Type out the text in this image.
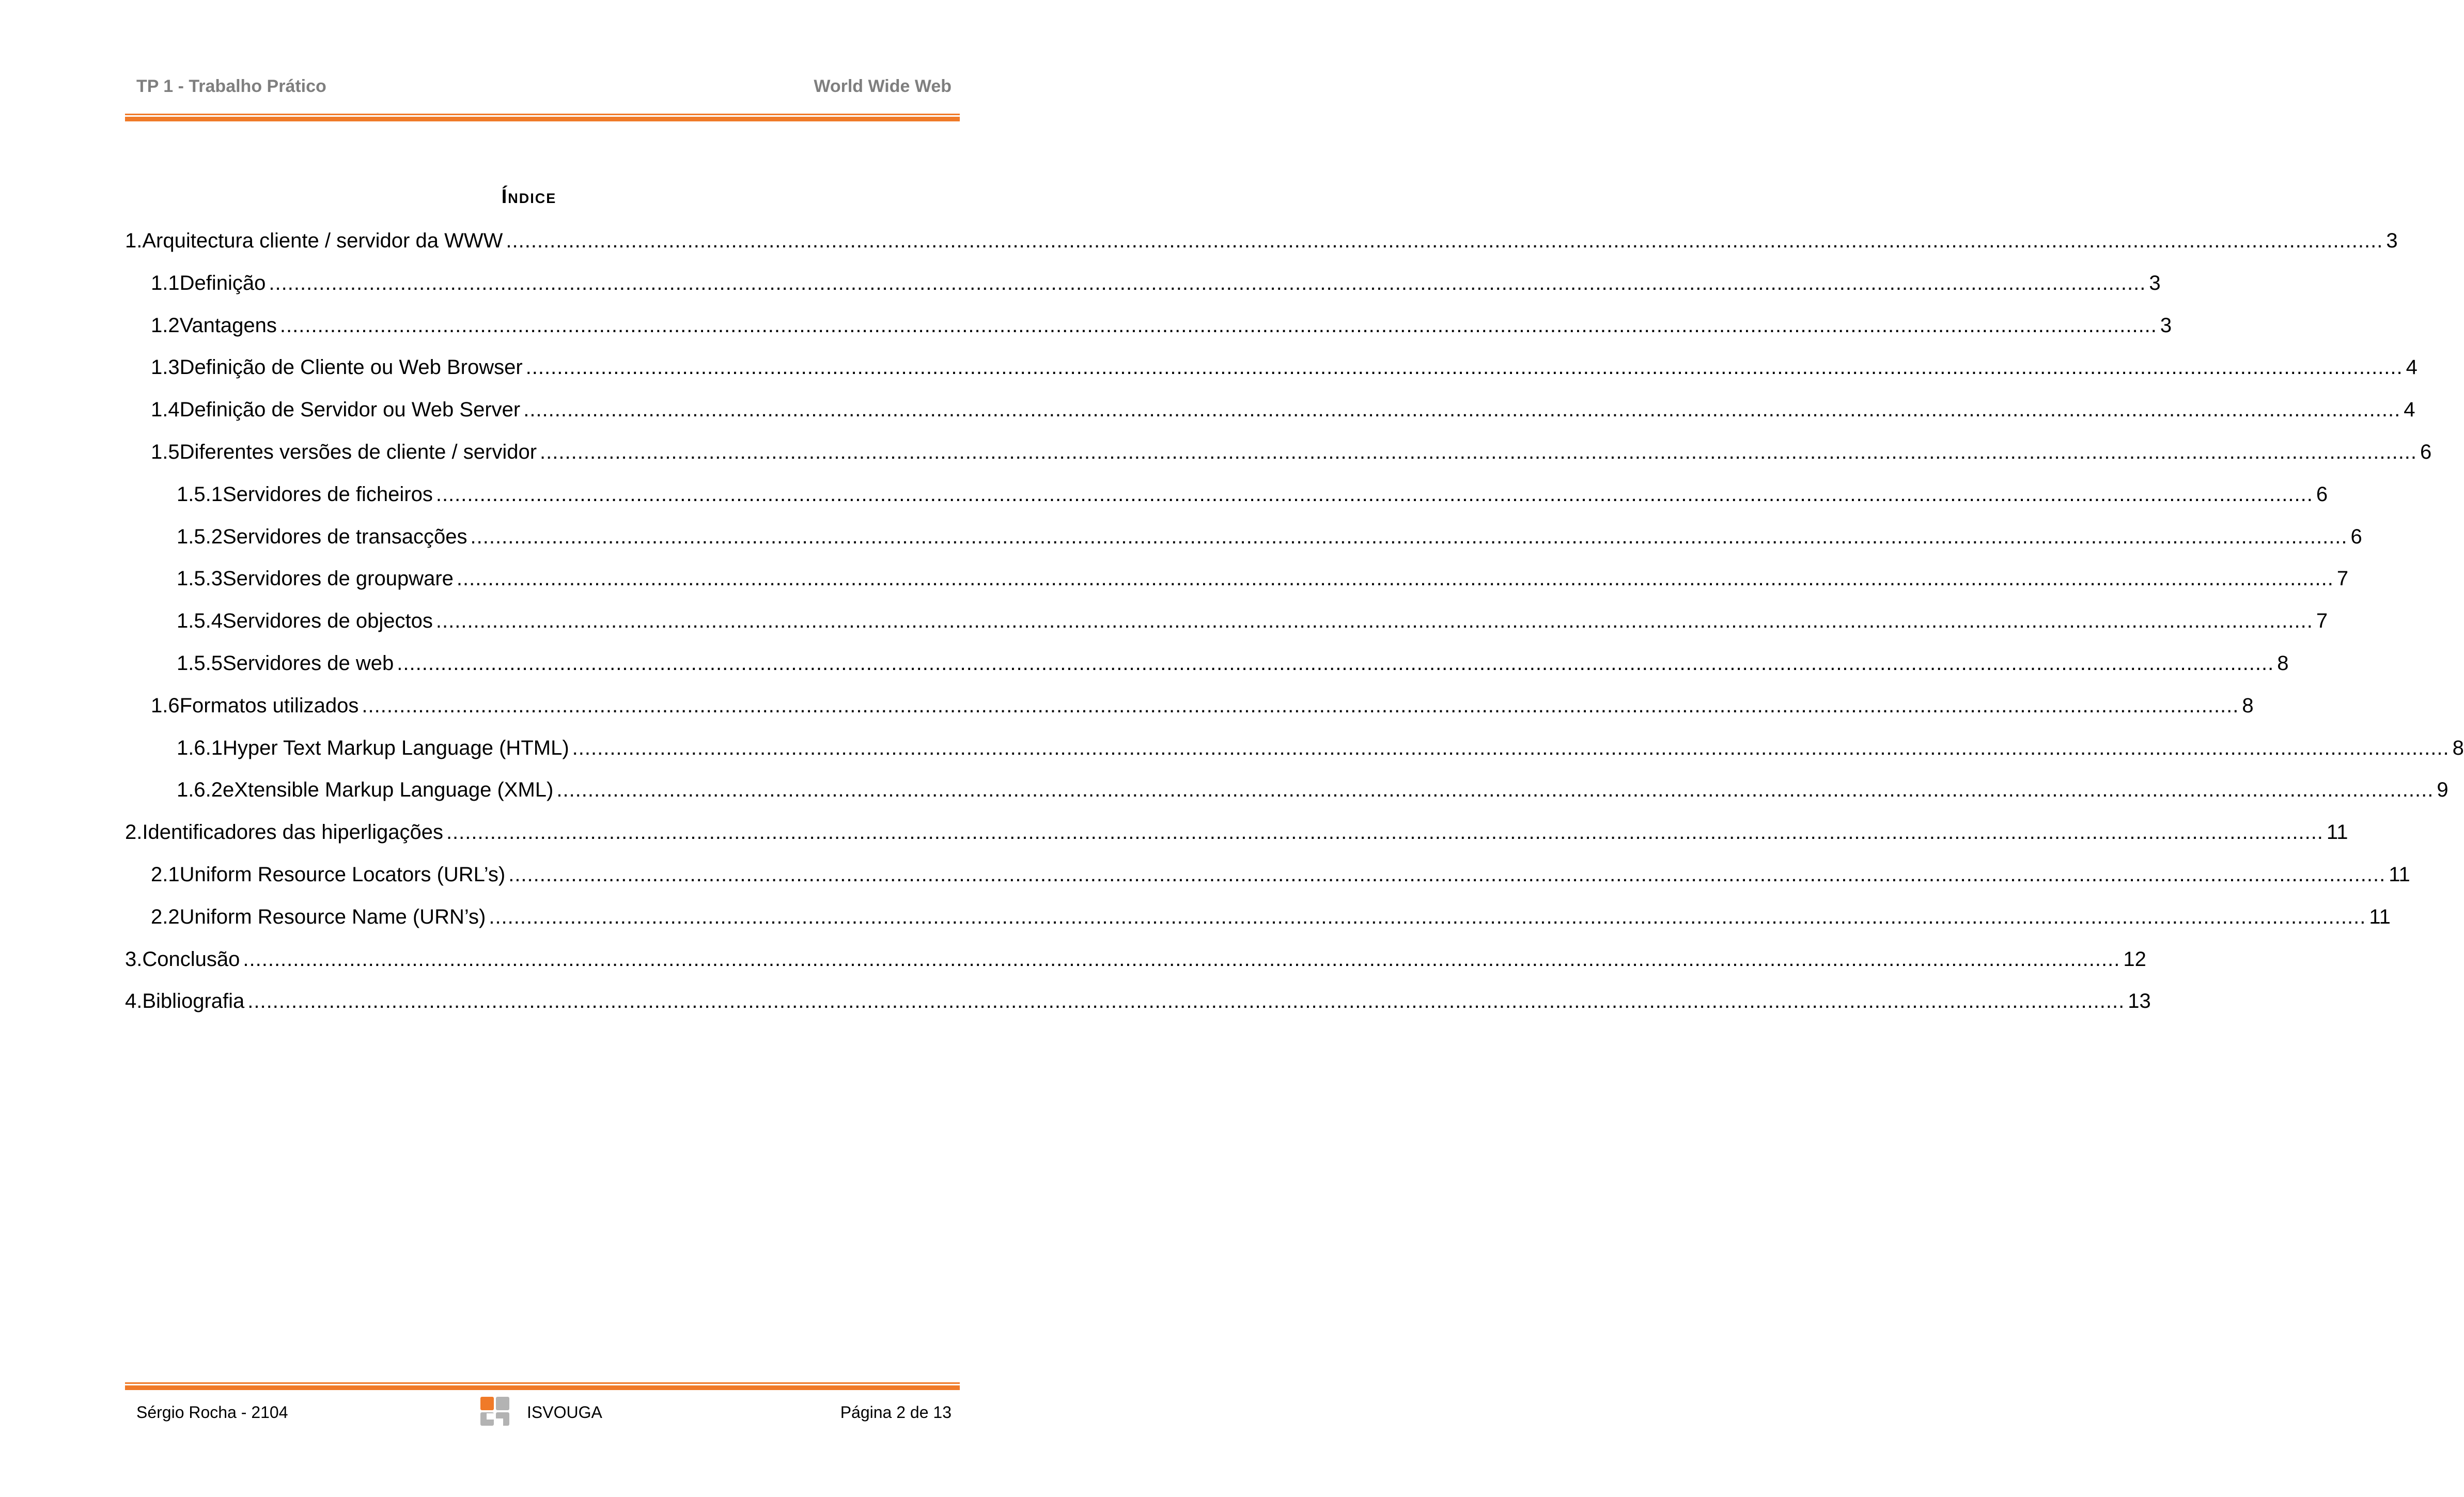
TP 1 - Trabalho Prático	World Wide Web
Índice
1. Arquitectura cliente / servidor da WWW ............................................................................................................................................................................................................................................................................................................ 3
1.1 Definição ............................................................................................................................................................................................................................................................................................................ 3
1.2 Vantagens ............................................................................................................................................................................................................................................................................................................ 3
1.3 Definição de Cliente ou Web Browser ............................................................................................................................................................................................................................................................................................................ 4
1.4 Definição de Servidor ou Web Server ............................................................................................................................................................................................................................................................................................................ 4
1.5 Diferentes versões de cliente / servidor ............................................................................................................................................................................................................................................................................................................ 6
1.5.1 Servidores de ficheiros ............................................................................................................................................................................................................................................................................................................ 6
1.5.2 Servidores de transacções ............................................................................................................................................................................................................................................................................................................ 6
1.5.3 Servidores de groupware ............................................................................................................................................................................................................................................................................................................ 7
1.5.4 Servidores de objectos ............................................................................................................................................................................................................................................................................................................ 7
1.5.5 Servidores de web ............................................................................................................................................................................................................................................................................................................ 8
1.6 Formatos utilizados ............................................................................................................................................................................................................................................................................................................ 8
1.6.1 Hyper Text Markup Language (HTML) ............................................................................................................................................................................................................................................................................................................ 8
1.6.2 eXtensible Markup Language (XML) ............................................................................................................................................................................................................................................................................................................ 9
2. Identificadores das hiperligações ............................................................................................................................................................................................................................................................................................................ 11
2.1 Uniform Resource Locators (URL’s) ............................................................................................................................................................................................................................................................................................................ 11
2.2 Uniform Resource Name (URN’s) ............................................................................................................................................................................................................................................................................................................ 11
3. Conclusão ............................................................................................................................................................................................................................................................................................................ 12
4. Bibliografia ............................................................................................................................................................................................................................................................................................................ 13
Sérgio Rocha - 2104	ISVOUGA	Página 2 de 13
